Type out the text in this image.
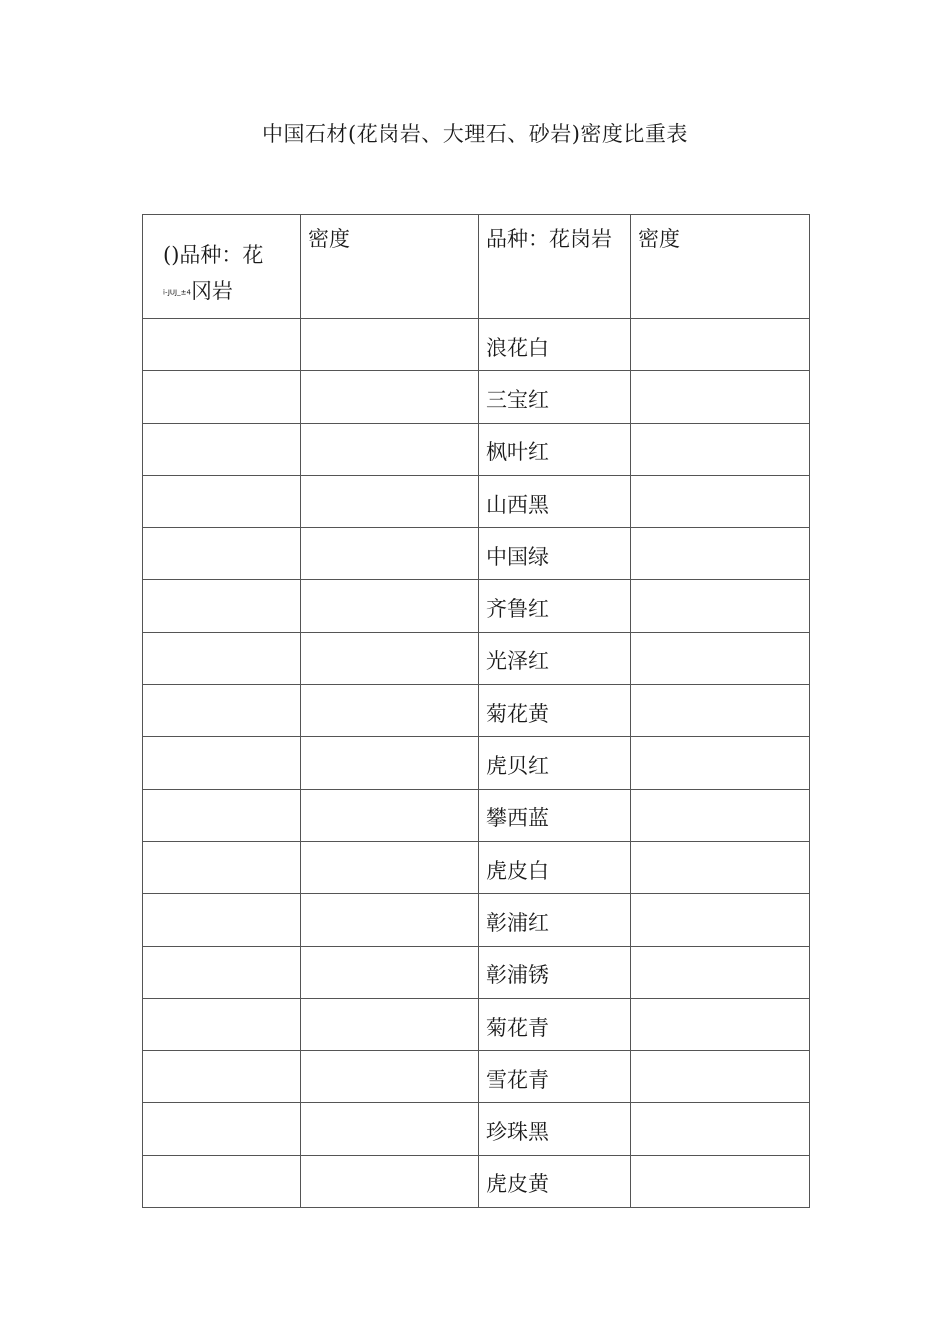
中国石材(花岗岩、大理石、砂岩)密度比重表
()品种：花
i-JUJ_±4冈岩	密度	品种：花岗岩	密度
		浪花白	
		三宝红	
		枫叶红	
		山西黑	
		中国绿	
		齐鲁红	
		光泽红	
		菊花黄	
		虎贝红	
		攀西蓝	
		虎皮白	
		彰浦红	
		彰浦锈	
		菊花青	
		雪花青	
		珍珠黑	
		虎皮黄	
